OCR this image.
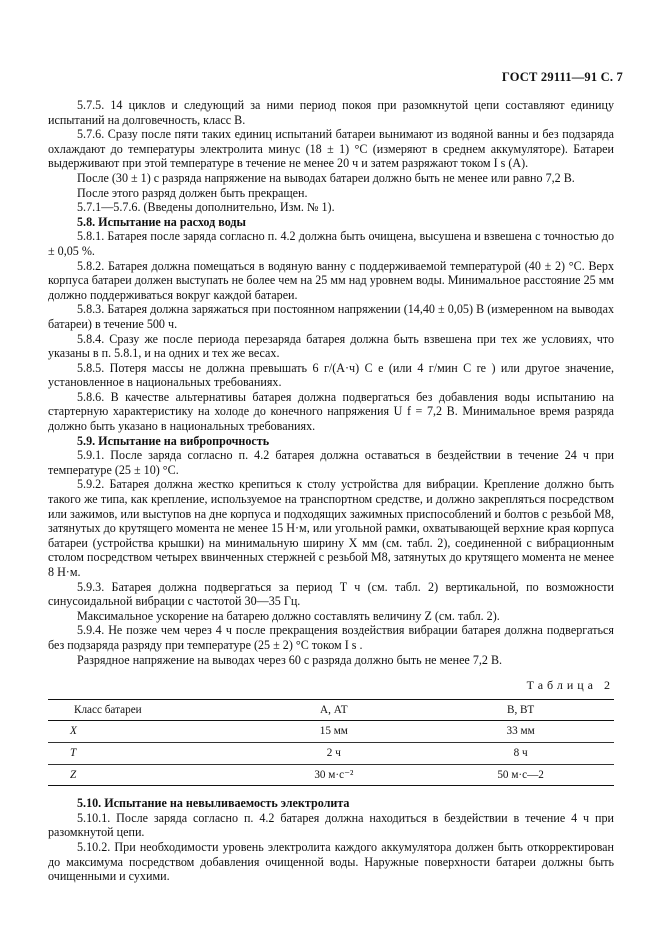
ГОСТ 29111—91 С. 7

5.7.5. 14 циклов и следующий за ними период покоя при разомкнутой цепи составляют единицу испытаний на долговечность, класс В.

5.7.6. Сразу после пяти таких единиц испытаний батареи вынимают из водяной ванны и без подзаряда охлаждают до температуры электролита минус (18 ± 1) °С (измеряют в среднем аккумуляторе). Батареи выдерживают при этой температуре в течение не менее 20 ч и затем разряжают током I s (А).

После (30 ± 1) с разряда напряжение на выводах батареи должно быть не менее или равно 7,2 В.

После этого разряд должен быть прекращен.

5.7.1—5.7.6. (Введены дополнительно, Изм. № 1).

5.8. Испытание на расход воды

5.8.1. Батарея после заряда согласно п. 4.2 должна быть очищена, высушена и взвешена с точностью до ± 0,05 %.

5.8.2. Батарея должна помещаться в водяную ванну с поддерживаемой температурой (40 ± 2) °С. Верх корпуса батареи должен выступать не более чем на 25 мм над уровнем воды. Минимальное расстояние 25 мм должно поддерживаться вокруг каждой батареи.

5.8.3. Батарея должна заряжаться при постоянном напряжении (14,40 ± 0,05) В (измеренном на выводах батареи) в течение 500 ч.

5.8.4. Сразу же после периода перезаряда батарея должна быть взвешена при тех же условиях, что указаны в п. 5.8.1, и на одних и тех же весах.

5.8.5. Потеря массы не должна превышать 6 г/(А·ч) C e (или 4 г/мин C re ) или другое значение, установленное в национальных требованиях.

5.8.6. В качестве альтернативы батарея должна подвергаться без добавления воды испытанию на стартерную характеристику на холоде до конечного напряжения U f = 7,2 В. Минимальное время разряда должно быть указано в национальных требованиях.

5.9. Испытание на вибропрочность

5.9.1. После заряда согласно п. 4.2 батарея должна оставаться в бездействии в течение 24 ч при температуре (25 ± 10) °С.

5.9.2. Батарея должна жестко крепиться к столу устройства для вибрации. Крепление должно быть такого же типа, как крепление, используемое на транспортном средстве, и должно закрепляться посредством или зажимов, или выступов на дне корпуса и подходящих зажимных приспособлений и болтов с резьбой М8, затянутых до крутящего момента не менее 15 Н·м, или угольной рамки, охватывающей верхние края корпуса батареи (устройства крышки) на минимальную ширину X мм (см. табл. 2), соединенной с вибрационным столом посредством четырех ввинченных стержней с резьбой М8, затянутых до крутящего момента не менее 8 Н·м.

5.9.3. Батарея должна подвергаться за период T ч (см. табл. 2) вертикальной, по возможности синусоидальной вибрации с частотой 30—35 Гц.

Максимальное ускорение на батарею должно составлять величину Z (см. табл. 2).

5.9.4. Не позже чем через 4 ч после прекращения воздействия вибрации батарея должна подвергаться без подзаряда разряду при температуре (25 ± 2) °С током I s .

Разрядное напряжение на выводах через 60 с разряда должно быть не менее 7,2 В.

Таблица 2
Класс батареи	А, АТ	В, ВТ
X	15 мм	33 мм
T	2 ч	8 ч
Z	30 м·с⁻²	50 м·с—2

5.10. Испытание на невыливаемость электролита

5.10.1. После заряда согласно п. 4.2 батарея должна находиться в бездействии в течение 4 ч при разомкнутой цепи.

5.10.2. При необходимости уровень электролита каждого аккумулятора должен быть откорректирован до максимума посредством добавления очищенной воды. Наружные поверхности батареи должны быть очищенными и сухими.
